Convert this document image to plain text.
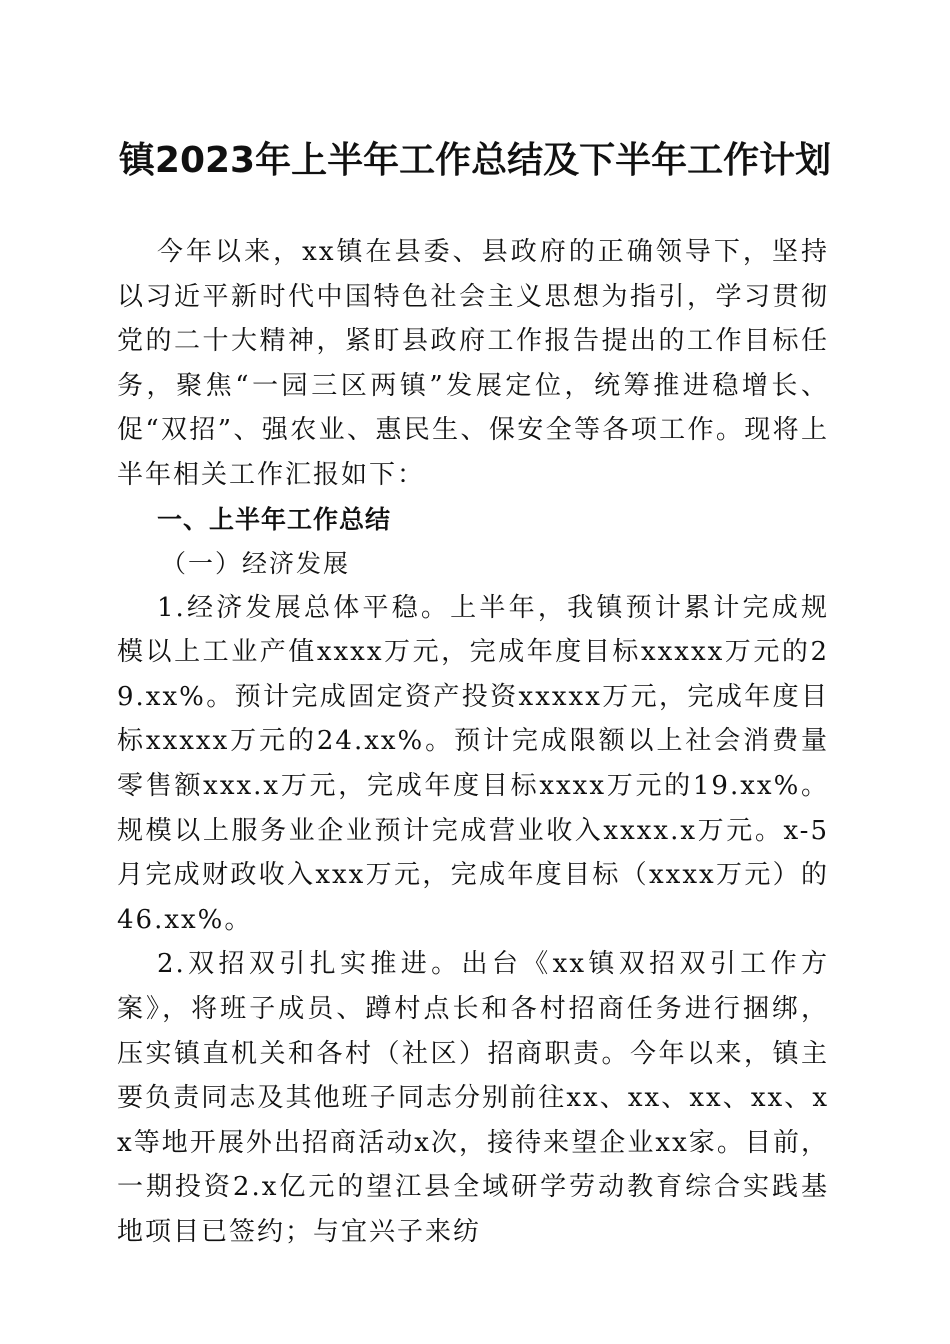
镇2023年上半年工作总结及下半年工作计划

今年以来，xx镇在县委、县政府的正确领导下，坚持以习近平新时代中国特色社会主义思想为指引，学习贯彻党的二十大精神，紧盯县政府工作报告提出的工作目标任务，聚焦“一园三区两镇”发展定位，统筹推进稳增长、促“双招”、强农业、惠民生、保安全等各项工作。现将上半年相关工作汇报如下：

一、上半年工作总结
（一）经济发展

1.经济发展总体平稳。上半年，我镇预计累计完成规模以上工业产值xxxx万元，完成年度目标xxxxx万元的29.xx%。预计完成固定资产投资xxxxx万元，完成年度目标xxxxx万元的24.xx%。预计完成限额以上社会消费量零售额xxx.x万元，完成年度目标xxxx万元的19.xx%。规模以上服务业企业预计完成营业收入xxxx.x万元。x-5月完成财政收入xxx万元，完成年度目标（xxxx万元）的46.xx%。

2.双招双引扎实推进。出台《xx镇双招双引工作方案》，将班子成员、蹲村点长和各村招商任务进行捆绑，压实镇直机关和各村（社区）招商职责。今年以来，镇主要负责同志及其他班子同志分别前往xx、xx、xx、xx、xx等地开展外出招商活动x次，接待来望企业xx家。目前，一期投资2.x亿元的望江县全域研学劳动教育综合实践基地项目已签约；与宜兴子来纺
